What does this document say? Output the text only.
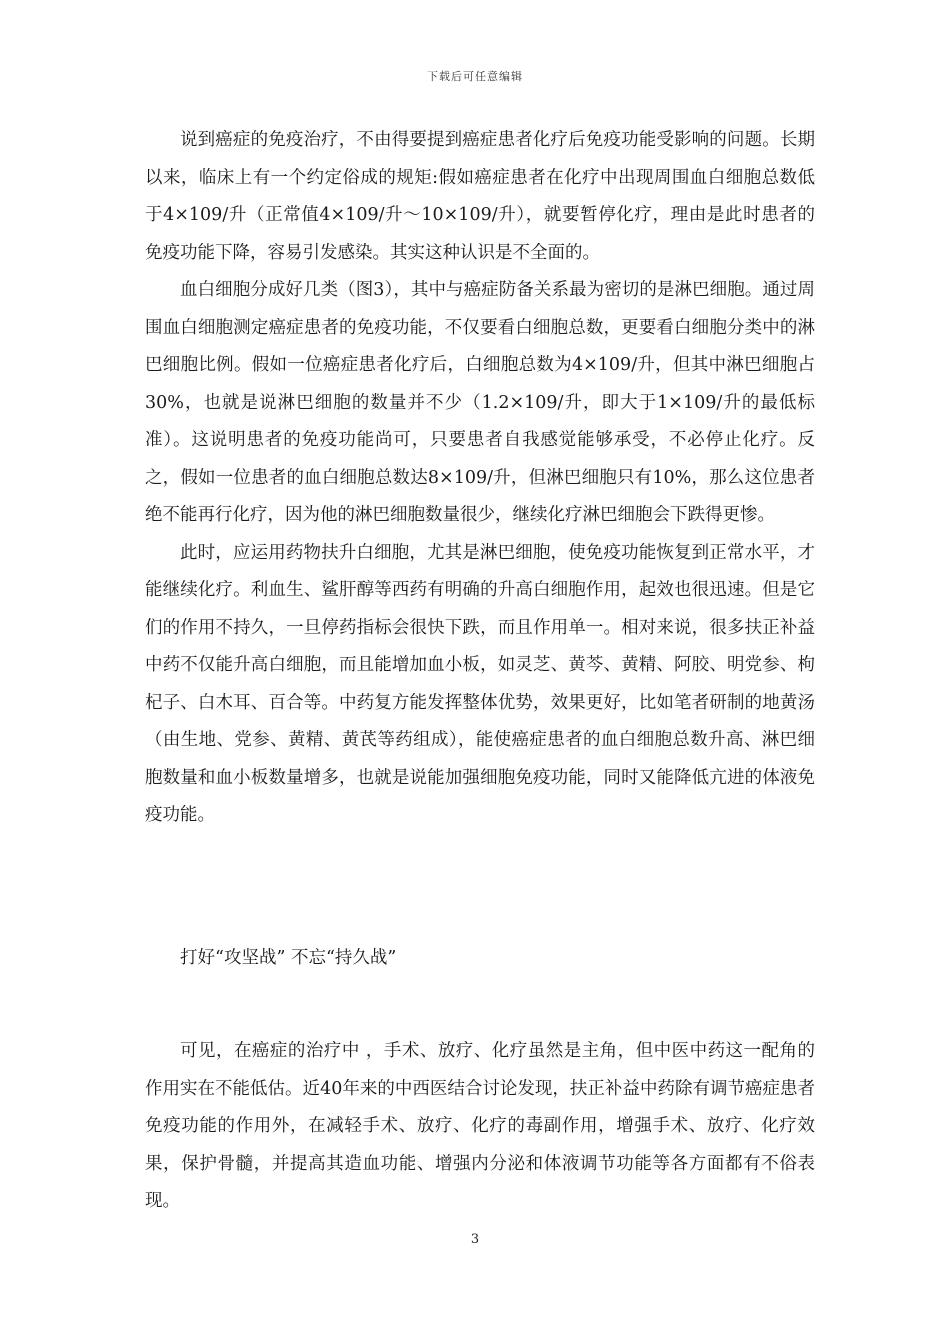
下载后可任意编辑

说到癌症的免疫治疗，不由得要提到癌症患者化疗后免疫功能受影响的问题。长期以来，临床上有一个约定俗成的规矩:假如癌症患者在化疗中出现周围血白细胞总数低于4×109/升（正常值4×109/升～10×109/升），就要暂停化疗，理由是此时患者的免疫功能下降，容易引发感染。其实这种认识是不全面的。

血白细胞分成好几类（图3），其中与癌症防备关系最为密切的是淋巴细胞。通过周围血白细胞测定癌症患者的免疫功能，不仅要看白细胞总数，更要看白细胞分类中的淋巴细胞比例。假如一位癌症患者化疗后，白细胞总数为4×109/升，但其中淋巴细胞占30%，也就是说淋巴细胞的数量并不少（1.2×109/升，即大于1×109/升的最低标准）。这说明患者的免疫功能尚可，只要患者自我感觉能够承受，不必停止化疗。反之，假如一位患者的血白细胞总数达8×109/升，但淋巴细胞只有10%，那么这位患者绝不能再行化疗，因为他的淋巴细胞数量很少，继续化疗淋巴细胞会下跌得更惨。

此时，应运用药物扶升白细胞，尤其是淋巴细胞，使免疫功能恢复到正常水平，才能继续化疗。利血生、鲨肝醇等西药有明确的升高白细胞作用，起效也很迅速。但是它们的作用不持久，一旦停药指标会很快下跌，而且作用单一。相对来说，很多扶正补益中药不仅能升高白细胞，而且能增加血小板，如灵芝、黄芩、黄精、阿胶、明党参、枸杞子、白木耳、百合等。中药复方能发挥整体优势，效果更好，比如笔者研制的地黄汤（由生地、党参、黄精、黄芪等药组成），能使癌症患者的血白细胞总数升高、淋巴细胞数量和血小板数量增多，也就是说能加强细胞免疫功能，同时又能降低亢进的体液免疫功能。

打好“攻坚战” 不忘“持久战”

可见，在癌症的治疗中 ，手术、放疗、化疗虽然是主角，但中医中药这一配角的作用实在不能低估。近40年来的中西医结合讨论发现，扶正补益中药除有调节癌症患者免疫功能的作用外，在减轻手术、放疗、化疗的毒副作用，增强手术、放疗、化疗效果，保护骨髓，并提高其造血功能、增强内分泌和体液调节功能等各方面都有不俗表现。

3
